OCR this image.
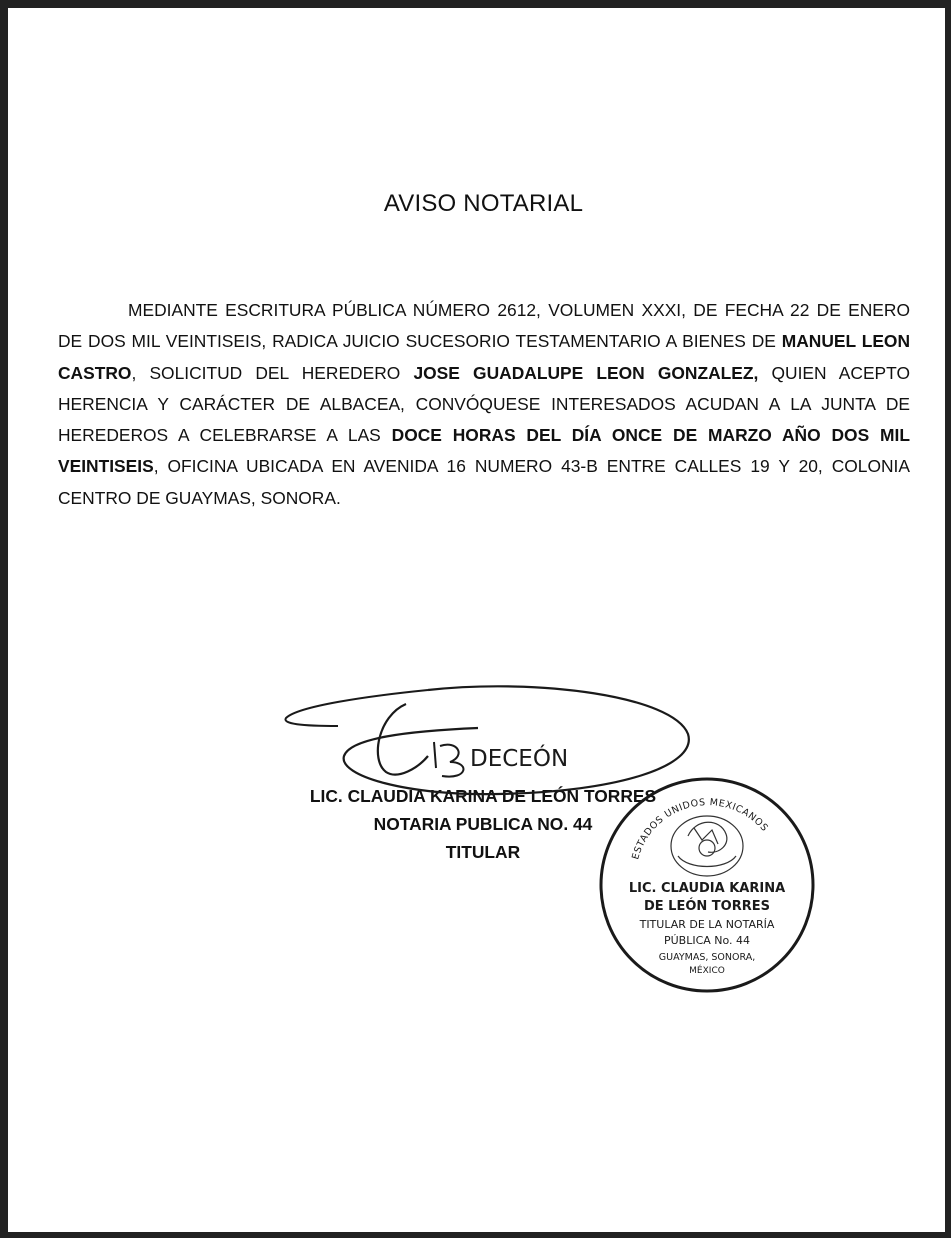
AVISO NOTARIAL

MEDIANTE ESCRITURA PÚBLICA NÚMERO 2612, VOLUMEN XXXI, DE FECHA 22 DE ENERO DE DOS MIL VEINTISEIS, RADICA JUICIO SUCESORIO TESTAMENTARIO A BIENES DE MANUEL LEON CASTRO, SOLICITUD DEL HEREDERO JOSE GUADALUPE LEON GONZALEZ, QUIEN ACEPTO HERENCIA Y CARÁCTER DE ALBACEA, CONVÓQUESE INTERESADOS ACUDAN A LA JUNTA DE HEREDEROS A CELEBRARSE A LAS DOCE HORAS DEL DÍA ONCE DE MARZO AÑO DOS MIL VEINTISEIS, OFICINA UBICADA EN AVENIDA 16 NUMERO 43-B ENTRE CALLES 19 Y 20, COLONIA CENTRO DE GUAYMAS, SONORA.

LIC. CLAUDIA KARINA DE LEÓN TORRES
NOTARIA PUBLICA NO. 44
TITULAR
DECEÓN
ESTADOS UNIDOS MEXICANOS
LIC. CLAUDIA KARINA
DE LEÓN TORRES
TITULAR DE LA NOTARÍA
PÚBLICA No. 44
GUAYMAS, SONORA,
MÉXICO
